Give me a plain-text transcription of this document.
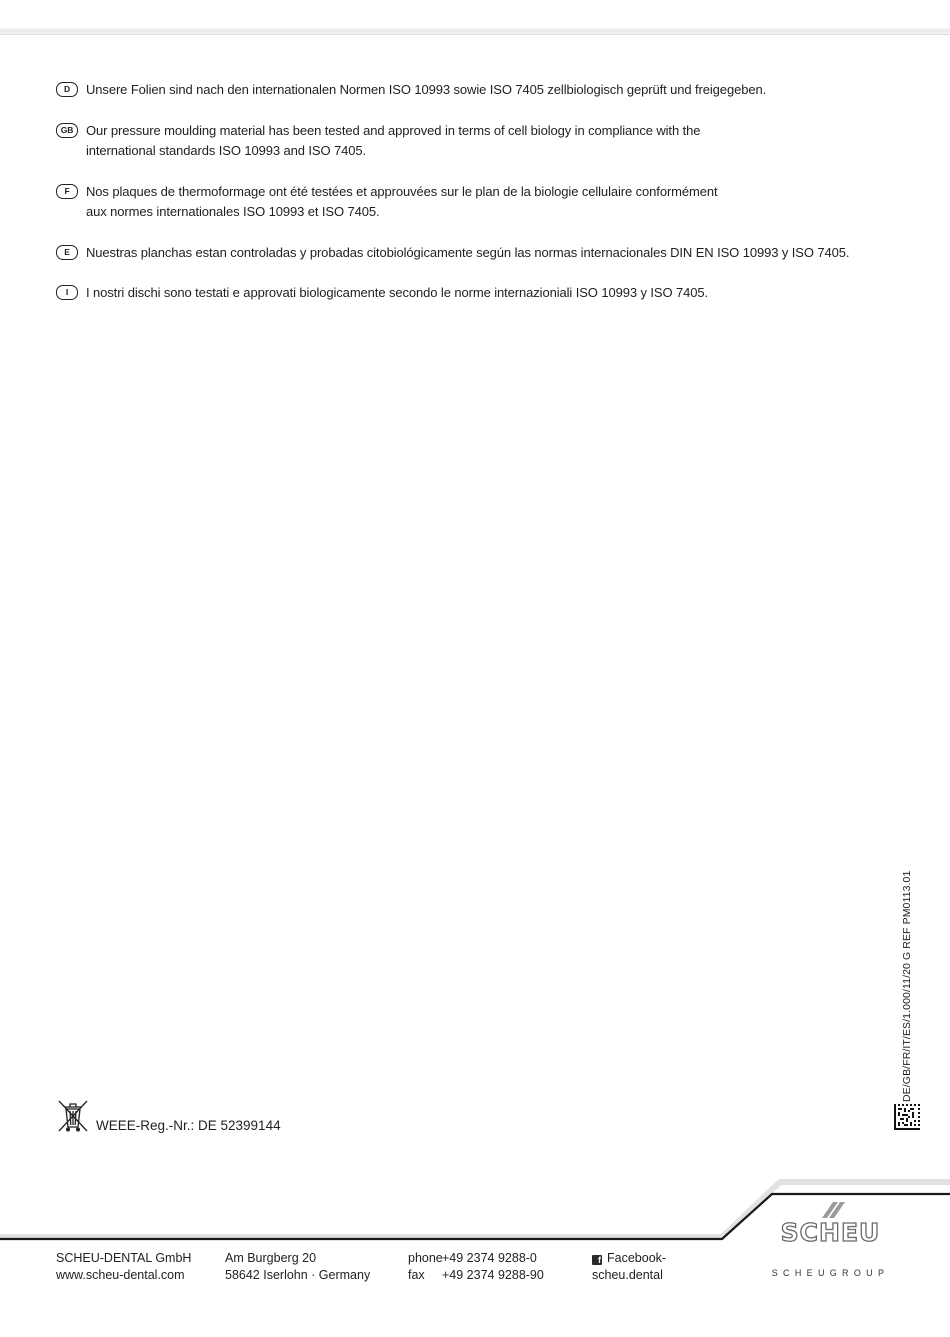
D	Unsere Folien sind nach den internationalen Normen ISO 10993 sowie ISO 7405 zellbiologisch geprüft und freigegeben.
GB Our pressure moulding material has been tested and approved in terms of cell biology in compliance with the
international standards ISO 10993 and ISO 7405.
F	Nos plaques de thermoformage ont été testées et approuvées sur le plan de la biologie cellulaire conformément
aux normes internationales ISO 10993 et ISO 7405.
E	Nuestras planchas estan controladas y probadas citobiológicamente según las normas internacionales DIN EN ISO 10993 y ISO 7405.
I	I nostri dischi sono testati e approvati biologicamente secondo le norme internazioniali ISO 10993 y ISO 7405.
DE/GB/FR/IT/ES/1.000/11/20 G REF PM0113.01
WEEE-Reg.-Nr.: DE 52399144
SCHEU
SCHEUGROUP
SCHEU-DENTAL GmbH
www.scheu-dental.com
Am Burgberg 20
58642 Iserlohn · Germany
phone+49 2374 9288-0
fax +49 2374 9288-90
f Facebook-
scheu.dental
